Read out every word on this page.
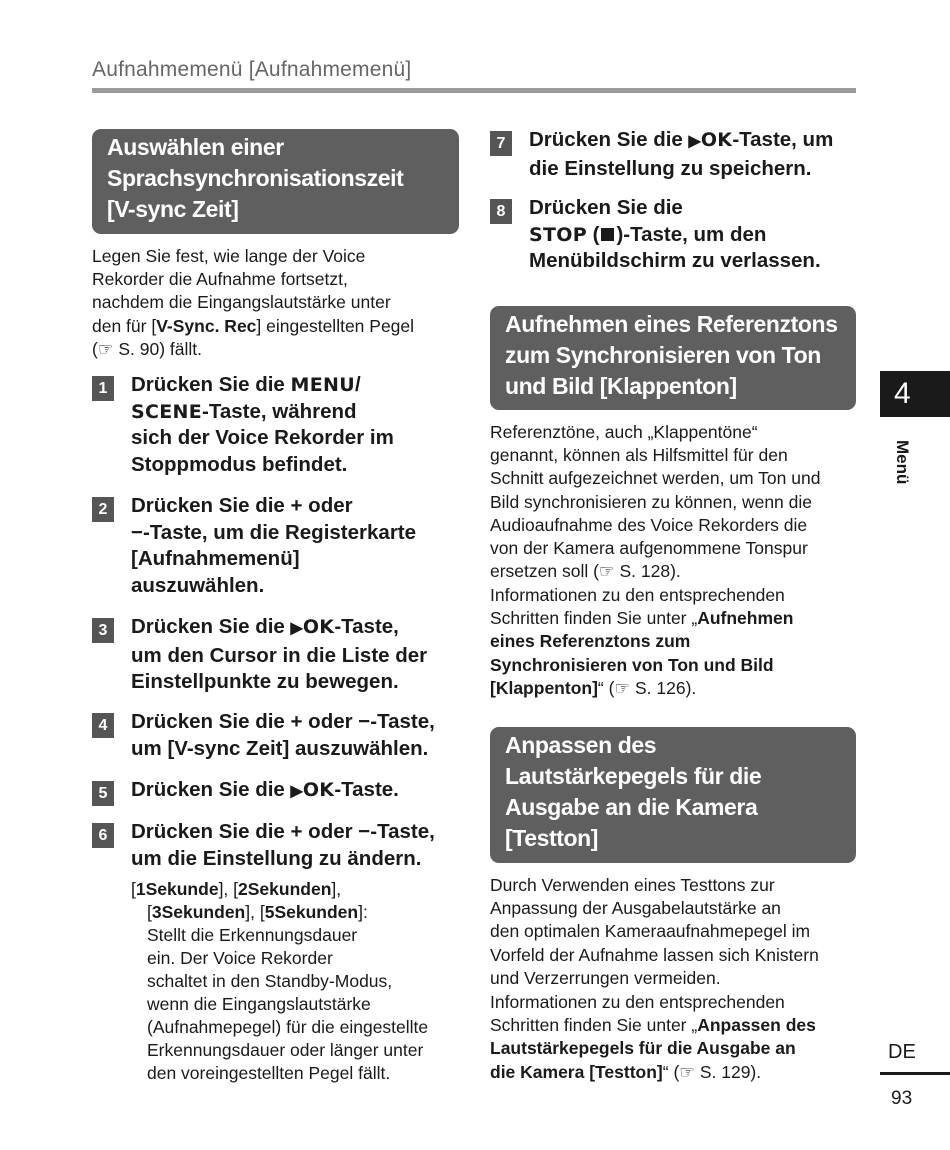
Aufnahmemenü [Aufnahmemenü]
Auswählen einer
Sprachsynchronisationszeit
[V-sync Zeit]
Legen Sie fest, wie lange der Voice
Rekorder die Aufnahme fortsetzt,
nachdem die Eingangslautstärke unter
den für [V-Sync. Rec] eingestellten Pegel
(☞ S. 90) fällt.
1	Drücken Sie die MENU/
SCENE-Taste, während
sich der Voice Rekorder im
Stoppmodus befindet.
2	Drücken Sie die + oder
−-Taste, um die Registerkarte
[Aufnahmemenü]
auszuwählen.
3	Drücken Sie die ▶OK-Taste,
um den Cursor in die Liste der
Einstellpunkte zu bewegen.
4	Drücken Sie die + oder −-Taste,
um [V-sync Zeit] auszuwählen.
5	Drücken Sie die ▶OK-Taste.
6	Drücken Sie die + oder −-Taste,
um die Einstellung zu ändern.
[1Sekunde], [2Sekunden],
[3Sekunden], [5Sekunden]:
Stellt die Erkennungsdauer
ein. Der Voice Rekorder
schaltet in den Standby-Modus,
wenn die Eingangslautstärke
(Aufnahmepegel) für die eingestellte
Erkennungsdauer oder länger unter
den voreingestellten Pegel fällt.
7	Drücken Sie die ▶OK-Taste, um
die Einstellung zu speichern.
8	Drücken Sie die
STOP ( )-Taste, um den
Menübildschirm zu verlassen.
Aufnehmen eines Referenztons
zum Synchronisieren von Ton
und Bild [Klappenton]
Referenztöne, auch „Klappentöne“
genannt, können als Hilfsmittel für den
Schnitt aufgezeichnet werden, um Ton und
Bild synchronisieren zu können, wenn die
Audioaufnahme des Voice Rekorders die
von der Kamera aufgenommene Tonspur
ersetzen soll (☞ S. 128).
Informationen zu den entsprechenden
Schritten finden Sie unter „Aufnehmen
eines Referenztons zum
Synchronisieren von Ton und Bild
[Klappenton]“ (☞ S. 126).
Anpassen des
Lautstärkepegels für die
Ausgabe an die Kamera
[Testton]
Durch Verwenden eines Testtons zur
Anpassung der Ausgabelautstärke an
den optimalen Kameraaufnahmepegel im
Vorfeld der Aufnahme lassen sich Knistern
und Verzerrungen vermeiden.
Informationen zu den entsprechenden
Schritten finden Sie unter „Anpassen des
Lautstärkepegels für die Ausgabe an
die Kamera [Testton]“ (☞ S. 129).
4
Menü
DE
93
